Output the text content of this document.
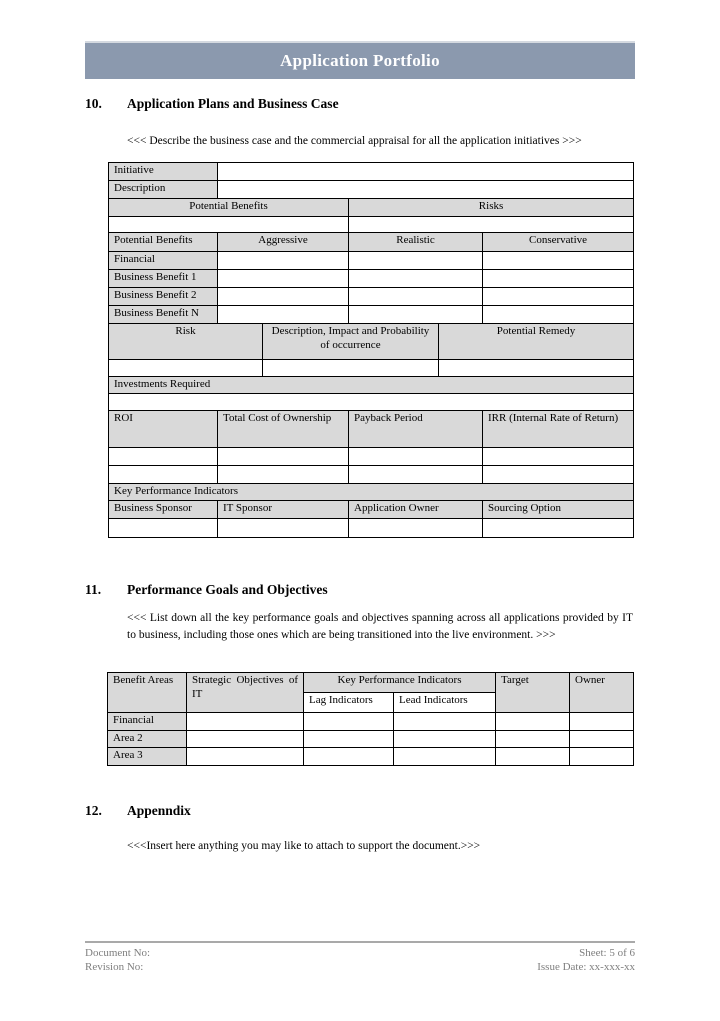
Application Portfolio
10.	Application Plans and Business Case
<<< Describe the business case and the commercial appraisal for all the application initiatives >>>
Initiative					
Description					
Potential Benefits			Risks		

Potential Benefits	Aggressive		Realistic		Conservative
Financial					
Business Benefit 1					
Business Benefit 2					
Business Benefit N					
Risk		Description, Impact and Probability of occurrence		Potential Remedy	

Investments Required					

ROI	Total Cost of Ownership		Payback Period		IRR (Internal Rate of Return)

Key Performance Indicators					
Business Sponsor	IT Sponsor		Application Owner		Sourcing Option

11.	Performance Goals and Objectives
<<< List down all the key performance goals and objectives spanning across all applications provided by IT to business, including those ones which are being transitioned into the live environment. >>>
Benefit Areas	Strategic Objectives of IT	Key Performance Indicators		Target	Owner
		Lag Indicators	Lead Indicators		
Financial					
Area 2					
Area 3					
12.	Appenndix
<<<Insert here anything you may like to attach to support the document.>>>
Document No:
Revision No:
Sheet: 5 of 6
Issue Date: xx-xxx-xx
